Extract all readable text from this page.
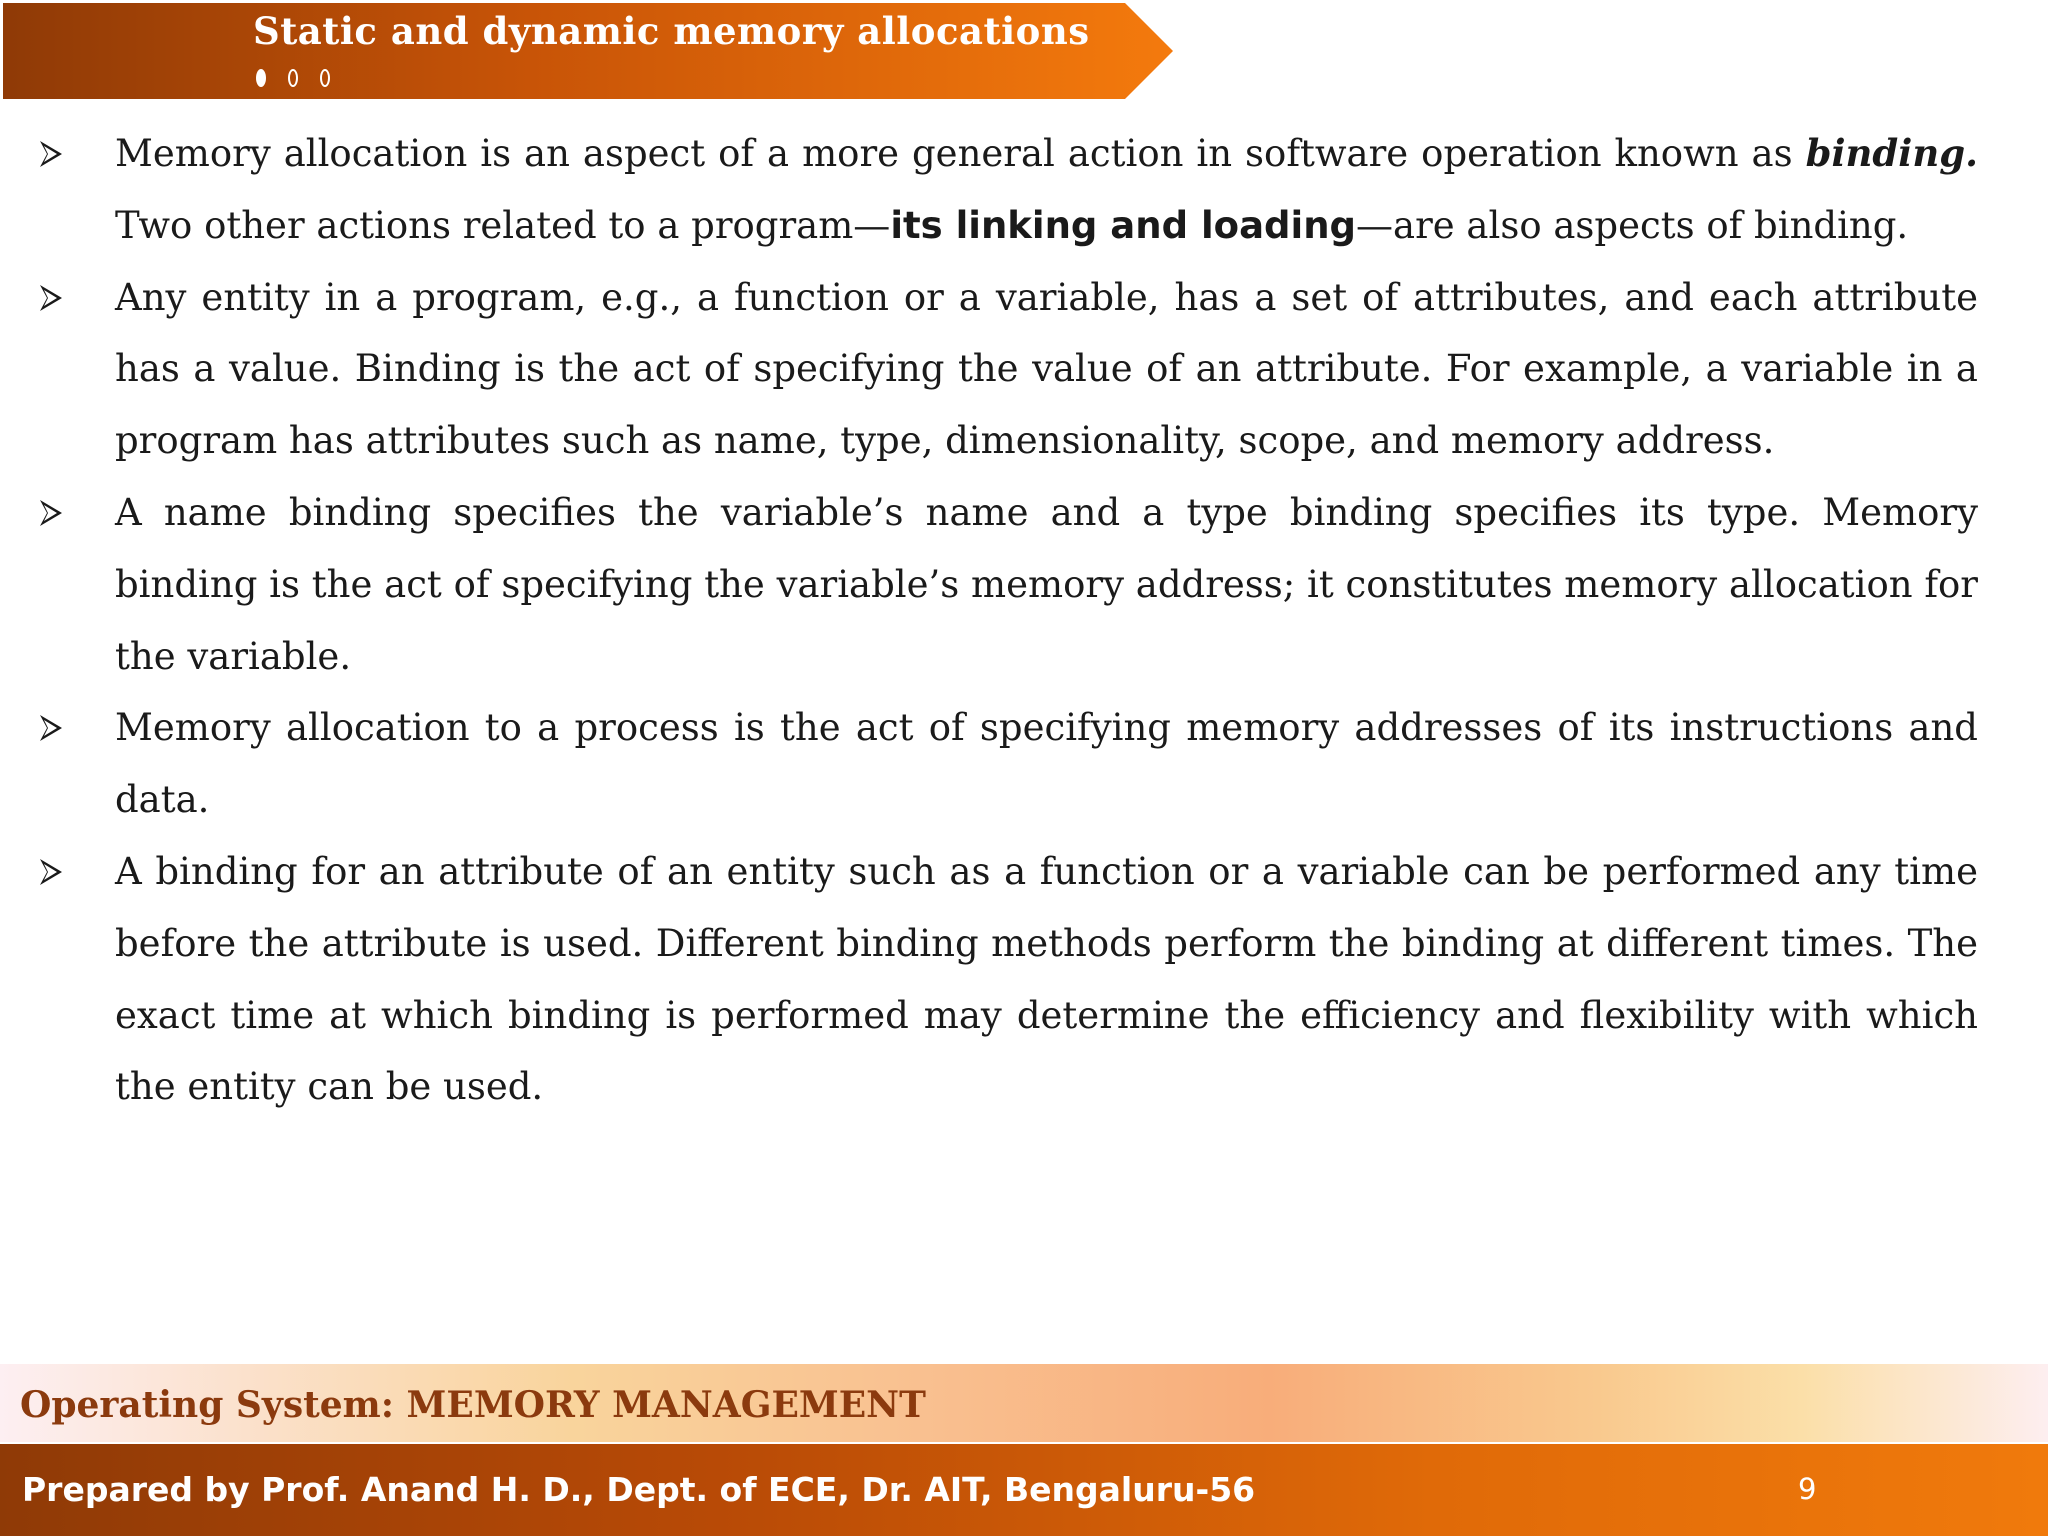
Static and dynamic memory allocations
Memory allocation is an aspect of a more general action in software operation known as binding. Two other actions related to a program—its linking and loading—are also aspects of binding.
Any entity in a program, e.g., a function or a variable, has a set of attributes, and each attribute has a value. Binding is the act of specifying the value of an attribute. For example, a variable in a program has attributes such as name, type, dimensionality, scope, and memory address.
A name binding specifies the variable’s name and a type binding specifies its type. Memory binding is the act of specifying the variable’s memory address; it constitutes memory allocation for the variable.
Memory allocation to a process is the act of specifying memory addresses of its instructions and data.
A binding for an attribute of an entity such as a function or a variable can be performed any time before the attribute is used. Different binding methods perform the binding at different times. The exact time at which binding is performed may determine the efficiency and flexibility with which the entity can be used.
Operating System: MEMORY MANAGEMENT
Prepared by Prof. Anand H. D., Dept. of ECE, Dr. AIT, Bengaluru-56	9
